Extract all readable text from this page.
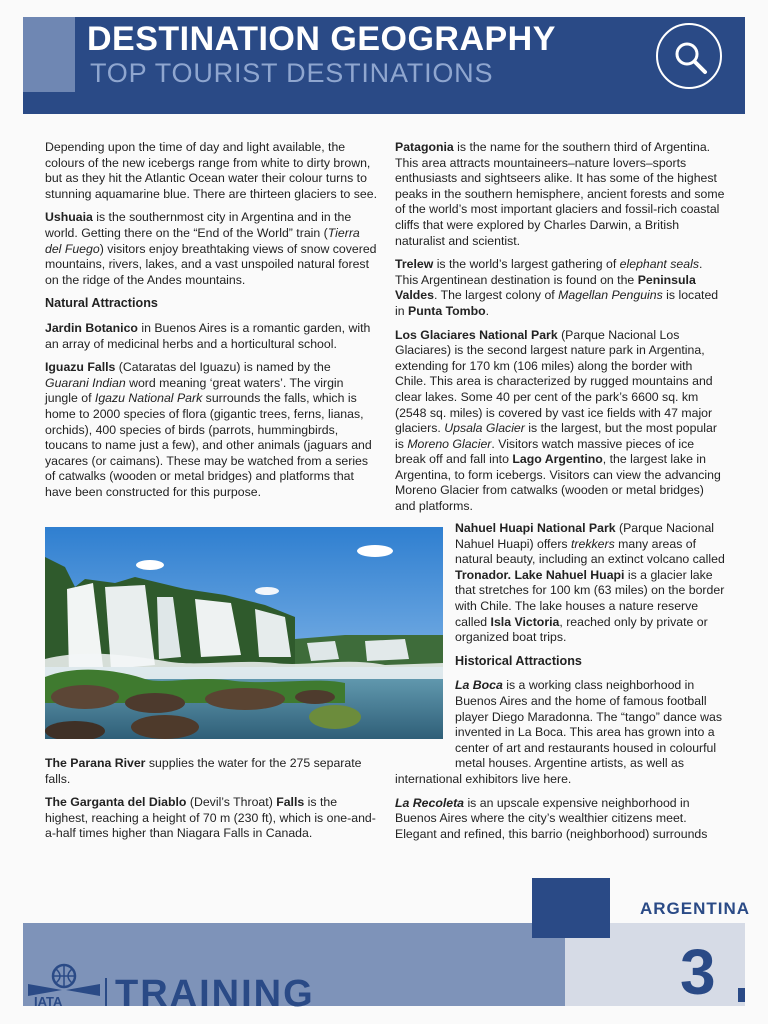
DESTINATION GEOGRAPHY
TOP TOURIST DESTINATIONS

Depending upon the time of day and light available, the colours of the new icebergs range from white to dirty brown, but as they hit the Atlantic Ocean water their colour turns to stunning aquamarine blue. There are thirteen glaciers to see.

Ushuaia is the southernmost city in Argentina and in the world. Getting there on the “End of the World” train (Tierra del Fuego) visitors enjoy breathtaking views of snow covered mountains, rivers, lakes, and a vast unspoiled natural forest on the ridge of the Andes mountains.

Natural Attractions

Jardin Botanico in Buenos Aires is a romantic garden, with an array of medicinal herbs and a horticultural school.

Iguazu Falls (Cataratas del Iguazu) is named by the Guarani Indian word meaning ‘great waters’. The virgin jungle of Igazu National Park surrounds the falls, which is home to 2000 species of flora (gigantic trees, ferns, lianas, orchids), 400 species of birds (parrots, hummingbirds, toucans to name just a few), and other animals (jaguars and yacares (or caimans). These may be watched from a series of catwalks (wooden or metal bridges) and platforms that have been constructed for this purpose.

The Parana River supplies the water for the 275 separate falls.

The Garganta del Diablo (Devil’s Throat) Falls is the highest, reaching a height of 70 m (230 ft), which is one-and-a-half times higher than Niagara Falls in Canada.

Patagonia is the name for the southern third of Argentina. This area attracts mountaineers–nature lovers–sports enthusiasts and sightseers alike. It has some of the highest peaks in the southern hemisphere, ancient forests and some of the world’s most important glaciers and fossil-rich coastal cliffs that were explored by Charles Darwin, a British naturalist and scientist.

Trelew is the world’s largest gathering of elephant seals. This Argentinean destination is found on the Peninsula Valdes. The largest colony of Magellan Penguins is located in Punta Tombo.

Los Glaciares National Park (Parque Nacional Los Glaciares) is the second largest nature park in Argentina, extending for 170 km (106 miles) along the border with Chile. This area is characterized by rugged mountains and clear lakes. Some 40 per cent of the park’s 6600 sq. km (2548 sq. miles) is covered by vast ice fields with 47 major glaciers. Upsala Glacier is the largest, but the most popular is Moreno Glacier. Visitors watch massive pieces of ice break off and fall into Lago Argentino, the largest lake in Argentina, to form icebergs. Visitors can view the advancing Moreno Glacier from catwalks (wooden or metal bridges) and platforms.

Nahuel Huapi National Park (Parque Nacional Nahuel Huapi) offers trekkers many areas of natural beauty, including an extinct volcano called Tronador. Lake Nahuel Huapi is a glacier lake that stretches for 100 km (63 miles) on the border with Chile. The lake houses a nature reserve called Isla Victoria, reached only by private or organized boat trips.

Historical Attractions

La Boca is a working class neighborhood in Buenos Aires and the home of famous football player Diego Maradonna. The “tango” dance was invented in La Boca. This area has grown into a center of art and restaurants housed in colourful metal houses. Argentine artists, as well as international exhibitors live here.

La Recoleta is an upscale expensive neighborhood in Buenos Aires where the city’s wealthier citizens meet. Elegant and refined, this barrio (neighborhood) surrounds

ARGENTINA
3
IATA TRAINING
